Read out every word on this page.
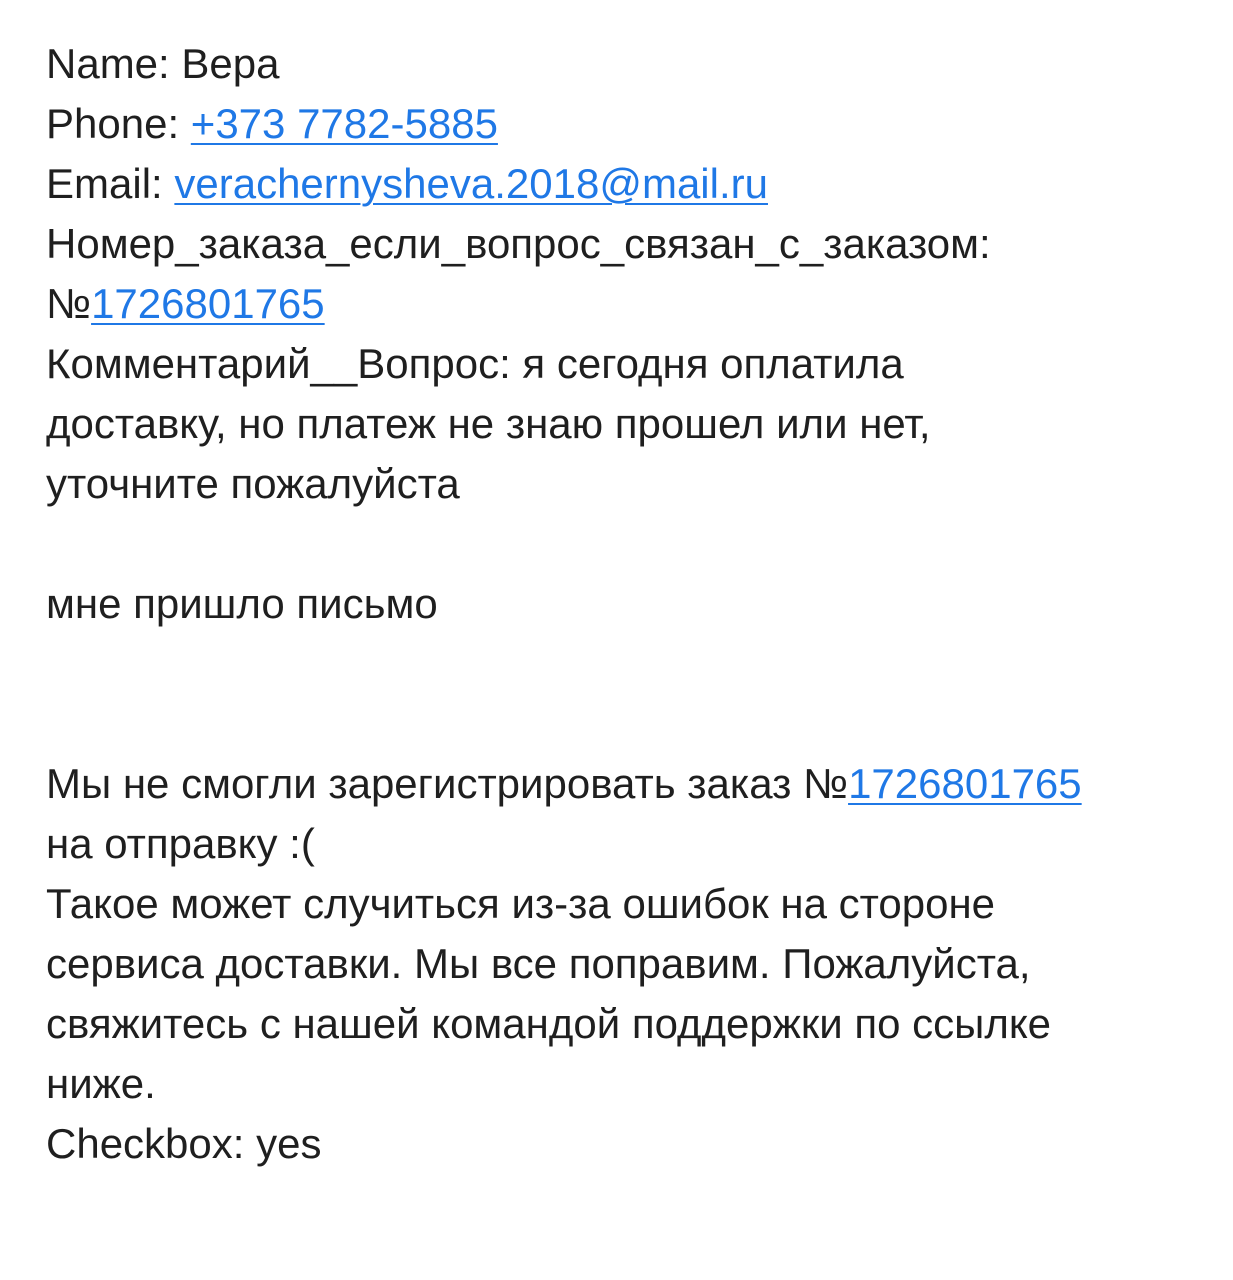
Name: Вера
Phone: +373 7782-5885
Email: verachernysheva.2018@mail.ru
Номер_заказа_если_вопрос_связан_с_заказом:
№1726801765
Комментарий__Вопрос: я сегодня оплатила
доставку, но платеж не знаю прошел или нет,
уточните пожалуйста
мне пришло письмо
Мы не смогли зарегистрировать заказ №1726801765
на отправку :(
Такое может случиться из-за ошибок на стороне
сервиса доставки. Мы все поправим. Пожалуйста,
свяжитесь с нашей командой поддержки по ссылке
ниже.
Checkbox: yes
